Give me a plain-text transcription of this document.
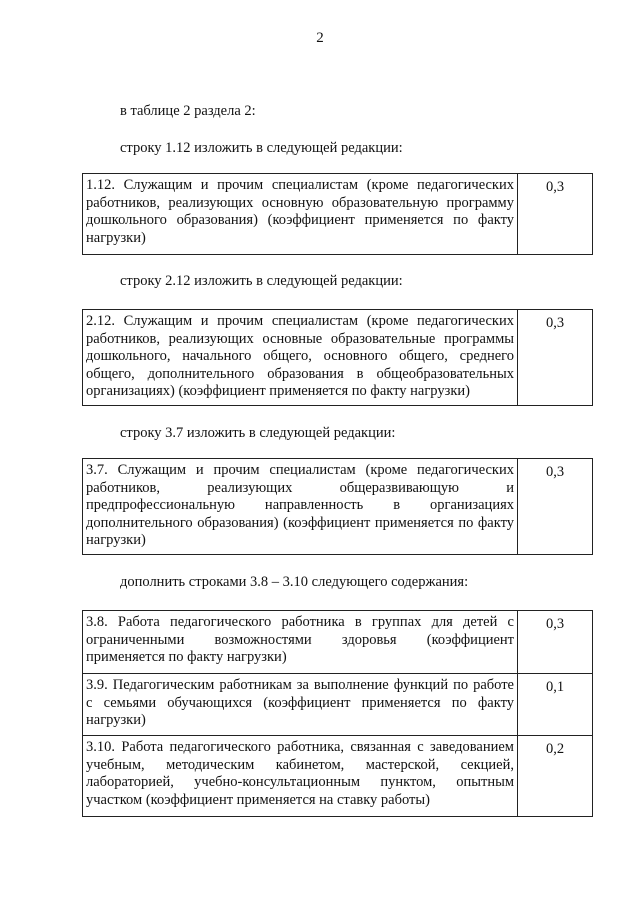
2
в таблице 2 раздела 2:
строку 1.12 изложить в следующей редакции:
1.12. Служащим и прочим специалистам (кроме педагогических работников, реализующих основную образовательную программу дошкольного образования) (коэффициент применяется по факту нагрузки)
0,3
строку 2.12 изложить в следующей редакции:
2.12. Служащим и прочим специалистам (кроме педагогических работников, реализующих основные образовательные программы дошкольного, начального общего, основного общего, среднего общего, дополнительного образования в общеобразовательных организациях) (коэффициент применяется по факту нагрузки)
0,3
строку 3.7 изложить в следующей редакции:
3.7. Служащим и прочим специалистам (кроме педагогических работников, реализующих общеразвивающую и предпрофессиональную направленность в организациях дополнительного образования) (коэффициент применяется по факту нагрузки)
0,3
дополнить строками 3.8 – 3.10 следующего содержания:
3.8. Работа педагогического работника в группах для детей с ограниченными возможностями здоровья (коэффициент применяется по факту нагрузки)
0,3
3.9. Педагогическим работникам за выполнение функций по работе с семьями обучающихся (коэффициент применяется по факту нагрузки)
0,1
3.10. Работа педагогического работника, связанная с заведованием учебным, методическим кабинетом, мастерской, секцией, лабораторией, учебно-консультационным пунктом, опытным участком (коэффициент применяется на ставку работы)
0,2
